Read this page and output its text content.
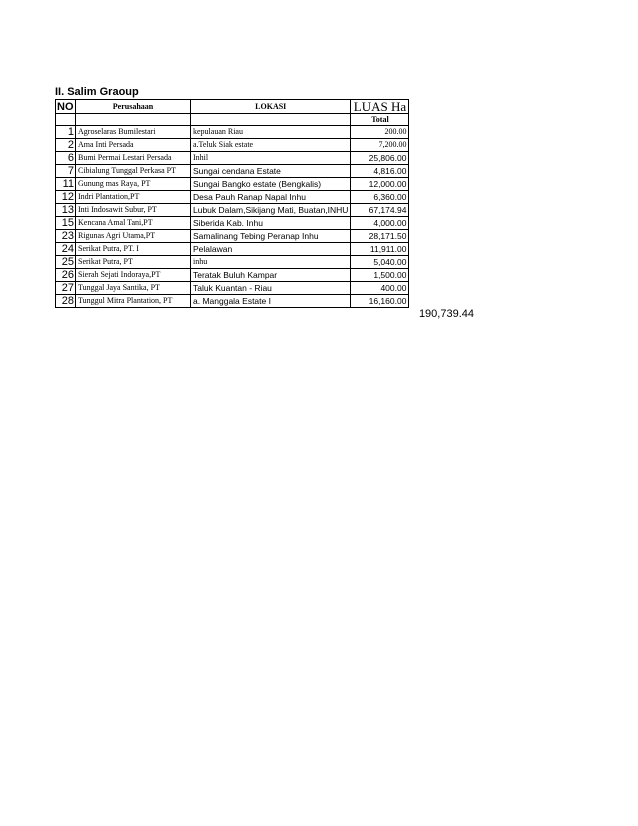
II. Salim Graoup
NO	Perusahaan	LOKASI	LUAS Ha
			Total
1	Agroselaras Bumilestari	kepulauan Riau	200.00
2	Ama Inti Persada	a.Teluk Siak estate	7,200.00
6	Bumi Permai Lestari Persada	Inhil	25,806.00
7	Cibialung Tunggal Perkasa PT	Sungai cendana Estate	4,816.00
11	Gunung mas Raya, PT	Sungai Bangko estate (Bengkalis)	12,000.00
12	Indri Plantation,PT	Desa Pauh Ranap Napal Inhu	6,360.00
13	Inti Indosawit Subur, PT	Lubuk Dalam,Sikijang Mati, Buatan,INHU	67,174.94
15	Kencana Amal Tani,PT	Siberida Kab. Inhu	4,000.00
23	Rigunas Agri Utama,PT	Samalinang Tebing Peranap Inhu	28,171.50
24	Serikat Putra, PT. I	Pelalawan	11,911.00
25	Serikat Putra, PT	inhu	5,040.00
26	Sierah Sejati Indoraya,PT	Teratak Buluh Kampar	1,500.00
27	Tunggal Jaya Santika, PT	Taluk Kuantan - Riau	400.00
28	Tunggul Mitra Plantation, PT	a. Manggala Estate I	16,160.00
190,739.44
